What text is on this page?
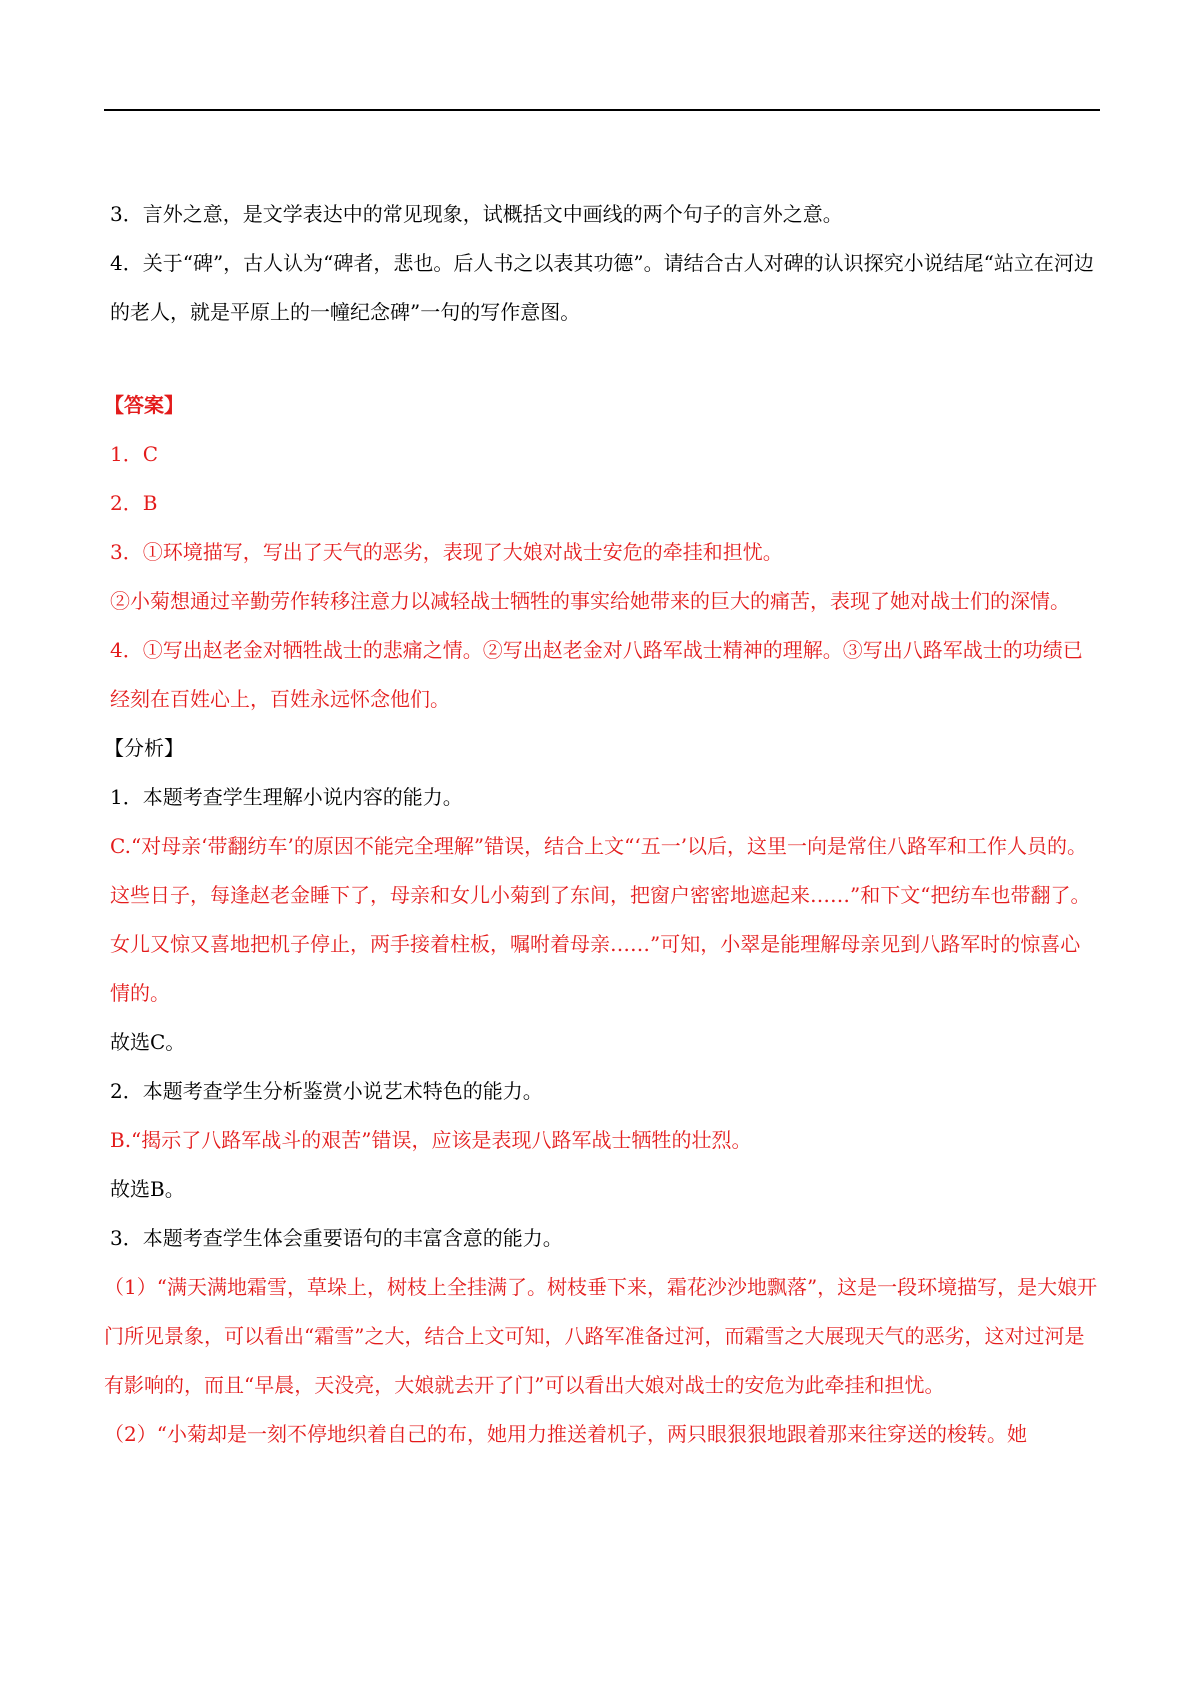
3．言外之意，是文学表达中的常见现象，试概括文中画线的两个句子的言外之意。

4．关于“碑”，古人认为“碑者，悲也。后人书之以表其功德”。请结合古人对碑的认识探究小说结尾“站立在河边的老人，就是平原上的一幢纪念碑”一句的写作意图。

【答案】

1．C

2．B

3．①环境描写，写出了天气的恶劣，表现了大娘对战士安危的牵挂和担忧。

②小菊想通过辛勤劳作转移注意力以减轻战士牺牲的事实给她带来的巨大的痛苦，表现了她对战士们的深情。

4．①写出赵老金对牺牲战士的悲痛之情。②写出赵老金对八路军战士精神的理解。③写出八路军战士的功绩已经刻在百姓心上，百姓永远怀念他们。

【分析】

1．本题考查学生理解小说内容的能力。

C.“对母亲‘带翻纺车’的原因不能完全理解”错误，结合上文“‘五一’以后，这里一向是常住八路军和工作人员的。这些日子，每逢赵老金睡下了，母亲和女儿小菊到了东间，把窗户密密地遮起来……”和下文“把纺车也带翻了。女儿又惊又喜地把机子停止，两手接着柱板，嘱咐着母亲……”可知，小翠是能理解母亲见到八路军时的惊喜心情的。

故选C。

2．本题考查学生分析鉴赏小说艺术特色的能力。

B.“揭示了八路军战斗的艰苦”错误，应该是表现八路军战士牺牲的壮烈。

故选B。

3．本题考查学生体会重要语句的丰富含意的能力。

（1）“满天满地霜雪，草垛上，树枝上全挂满了。树枝垂下来，霜花沙沙地飘落”，这是一段环境描写，是大娘开门所见景象，可以看出“霜雪”之大，结合上文可知，八路军准备过河，而霜雪之大展现天气的恶劣，这对过河是有影响的，而且“早晨，天没亮，大娘就去开了门”可以看出大娘对战士的安危为此牵挂和担忧。

（2）“小菊却是一刻不停地织着自己的布，她用力推送着机子，两只眼狠狠地跟着那来往穿送的梭转。她
